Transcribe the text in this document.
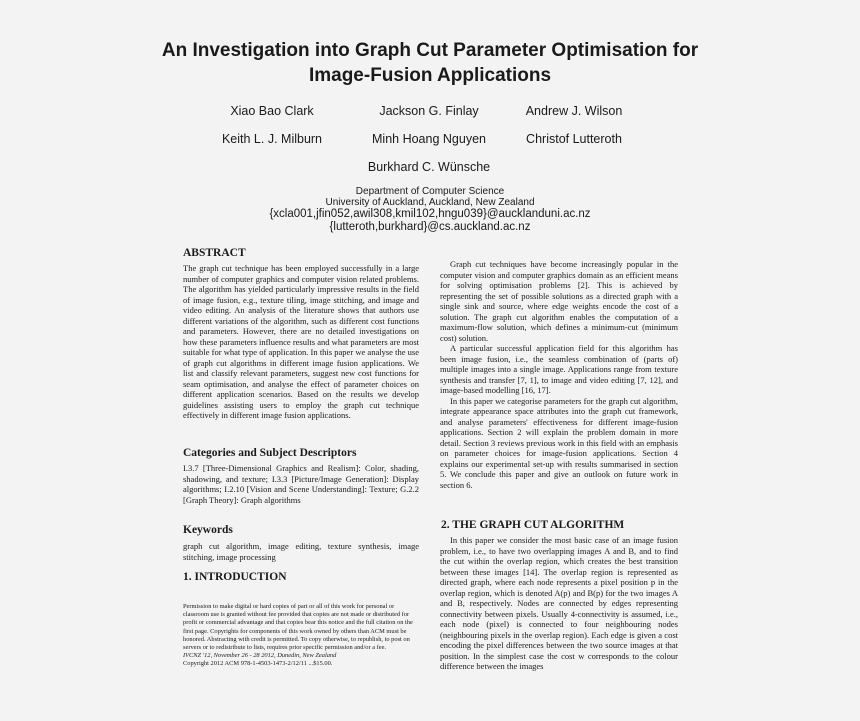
An Investigation into Graph Cut Parameter Optimisation for
Image-Fusion Applications
Xiao Bao Clark	Jackson G. Finlay	Andrew J. Wilson
Keith L. J. Milburn	Minh Hoang Nguyen	Christof Lutteroth
Burkhard C. Wünsche
Department of Computer Science
University of Auckland, Auckland, New Zealand
{xcla001,jfin052,awil308,kmil102,hngu039}@aucklanduni.ac.nz
{lutteroth,burkhard}@cs.auckland.ac.nz
ABSTRACT

The graph cut technique has been employed successfully in a large number of computer graphics and computer vision related problems. The algorithm has yielded particularly impressive results in the field of image fusion, e.g., texture tiling, image stitching, and image and video editing. An analysis of the literature shows that authors use different variations of the algorithm, such as different cost functions and parameters. However, there are no detailed investigations on how these parameters influence results and what parameters are most suitable for what type of application. In this paper we analyse the use of graph cut algorithms in different image fusion applications. We list and classify relevant parameters, suggest new cost functions for seam optimisation, and analyse the effect of parameter choices on different application scenarios. Based on the results we develop guidelines assisting users to employ the graph cut technique effectively in different image fusion applications.

Categories and Subject Descriptors

I.3.7 [Three-Dimensional Graphics and Realism]: Color, shading, shadowing, and texture; I.3.3 [Picture/Image Generation]: Display algorithms; I.2.10 [Vision and Scene Understanding]: Texture; G.2.2 [Graph Theory]: Graph algorithms

Keywords

graph cut algorithm, image editing, texture synthesis, image stitching, image processing

1. INTRODUCTION

Permission to make digital or hard copies of part or all of this work for personal or classroom use is granted without fee provided that copies are not made or distributed for profit or commercial advantage and that copies bear this notice and the full citation on the first page. Copyrights for components of this work owned by others than ACM must be honored. Abstracting with credit is permitted. To copy otherwise, to republish, to post on servers or to redistribute to lists, requires prior specific permission and/or a fee.

IVCNZ '12, November 26 - 28 2012, Dunedin, New Zealand

Copyright 2012 ACM 978-1-4503-1473-2/12/11 ...$15.00.

Graph cut techniques have become increasingly popular in the computer vision and computer graphics domain as an efficient means for solving optimisation problems [2]. This is achieved by representing the set of possible solutions as a directed graph with a single sink and source, where edge weights encode the cost of a solution. The graph cut algorithm enables the computation of a maximum-flow solution, which defines a minimum-cut (minimum cost) solution.

A particular successful application field for this algorithm has been image fusion, i.e., the seamless combination of (parts of) multiple images into a single image. Applications range from texture synthesis and transfer [7, 1], to image and video editing [7, 12], and image-based modelling [16, 17].

In this paper we categorise parameters for the graph cut algorithm, integrate appearance space attributes into the graph cut framework, and analyse parameters' effectiveness for different image-fusion applications. Section 2 will explain the problem domain in more detail. Section 3 reviews previous work in this field with an emphasis on parameter choices for image-fusion applications. Section 4 explains our experimental set-up with results summarised in section 5. We conclude this paper and give an outlook on future work in section 6.

2. THE GRAPH CUT ALGORITHM

In this paper we consider the most basic case of an image fusion problem, i.e., to have two overlapping images A and B, and to find the cut within the overlap region, which creates the best transition between these images [14]. The overlap region is represented as directed graph, where each node represents a pixel position p in the overlap region, which is denoted A(p) and B(p) for the two images A and B, respectively. Nodes are connected by edges representing connectivity between pixels. Usually 4-connectivity is assumed, i.e., each node (pixel) is connected to four neighbouring nodes (neighbouring pixels in the overlap region). Each edge is given a cost encoding the pixel differences between the two source images at that position. In the simplest case the cost w corresponds to the colour difference between the images
